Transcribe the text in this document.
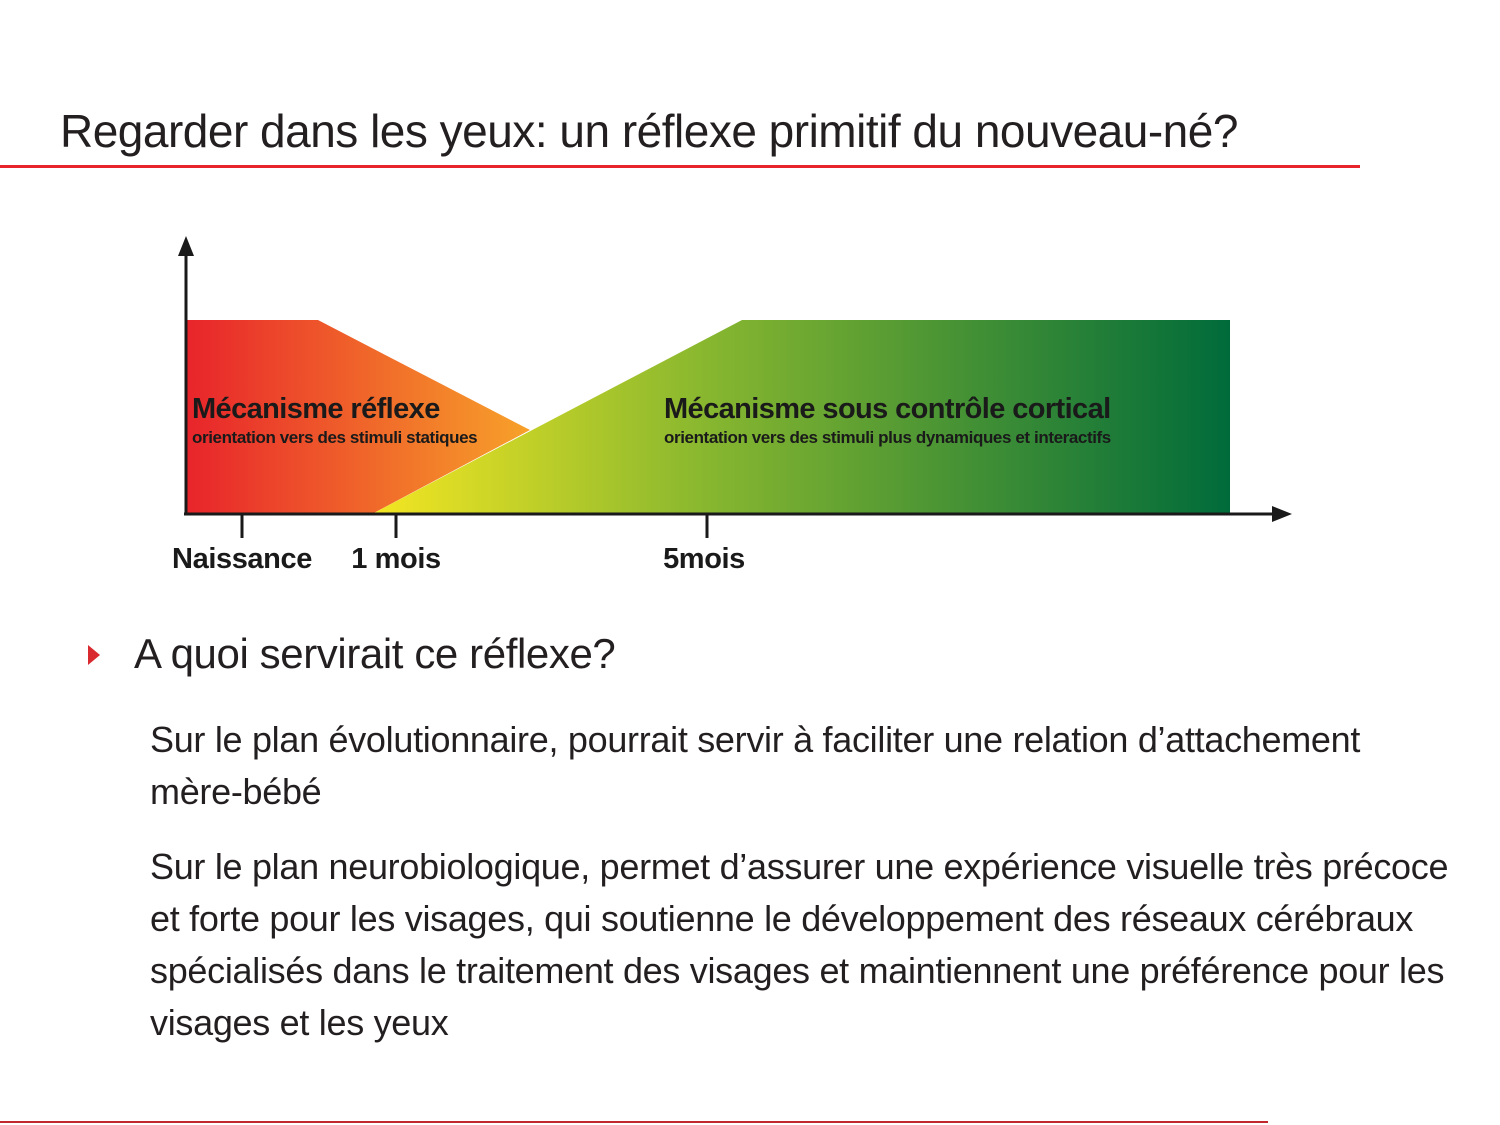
Regarder dans les yeux: un réflexe primitif du nouveau-né?
Naissance 1 mois	5mois
Mécanisme réflexe
orientation vers des stimuli statiques
Mécanisme sous contrôle cortical
orientation vers des stimuli plus dynamiques et interactifs
A quoi servirait ce réflexe?

Sur le plan évolutionnaire, pourrait servir à faciliter une relation d’attachement mère-bébé

Sur le plan neurobiologique, permet d’assurer une expérience visuelle très précoce et forte pour les visages, qui soutienne le développement des réseaux cérébraux spécialisés dans le traitement des visages et maintiennent une préférence pour les visages et les yeux
